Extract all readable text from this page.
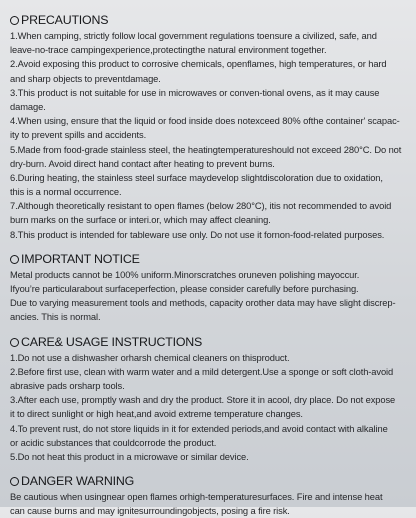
PRECAUTIONS
1.When camping, strictly follow local government regulations toensure a civilized, safe, and
leave-no-trace campingexperience,protectingthe natural environment together.
2.Avoid exposing this product to corrosive chemicals, openflames, high temperatures, or hard
and sharp objects to preventdamage.
3.This product is not suitable for use in microwaves or conven-tional ovens, as it may cause
damage.
4.When using, ensure that the liquid or food inside does notexceed 80% ofthe container' scapac-
ity to prevent spills and accidents.
5.Made from food-grade stainless steel, the heatingtemperatureshould not exceed 280°C. Do not
dry-burn. Avoid direct hand contact after heating to prevent burns.
6.During heating, the stainless steel surface maydevelop slightdiscoloration due to oxidation,
this is a normal occurrence.
7.Although theoretically resistant to open flames (below 280°C), itis not recommended to avoid
burn marks on the surface or interi.or, which may affect cleaning.
8.This product is intended for tableware use only. Do not use it fornon-food-related purposes.
IMPORTANT NOTICE
Metal products cannot be 100% uniform.Minorscratches oruneven polishing mayoccur.
Ifyou’re particularabout surfaceperfection, please consider carefully before purchasing.
Due to varying measurement tools and methods, capacity orother data may have slight discrep-
ancies. This is normal.
CARE& USAGE INSTRUCTIONS
1.Do not use a dishwasher orharsh chemical cleaners on thisproduct.
2.Before first use, clean with warm water and a mild detergent.Use a sponge or soft cloth-avoid
abrasive pads orsharp tools.
3.After each use, promptly wash and dry the product. Store it in acool, dry place. Do not expose
it to direct sunlight or high heat,and avoid extreme temperature changes.
4.To prevent rust, do not store liquids in it for extended periods,and avoid contact with alkaline
or acidic substances that couldcorrode the product.
5.Do not heat this product in a microwave or similar device.
DANGER WARNING
Be cautious when usingnear open flames orhigh-temperaturesurfaces. Fire and intense heat
can cause burns and may ignitesurroundingobjects, posing a fire risk.
